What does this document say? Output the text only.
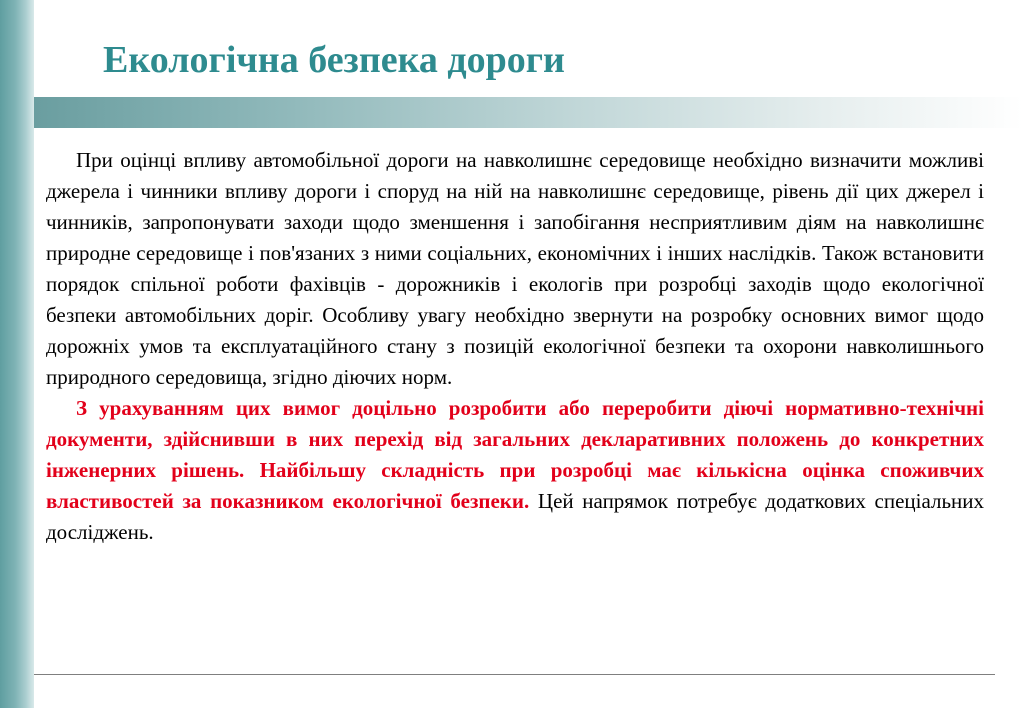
Екологічна безпека дороги

При оцінці впливу автомобільної дороги на навколишнє середовище необхідно визначити можливі джерела і чинники впливу дороги і споруд на ній на навколишнє середовище, рівень дії цих джерел і чинників, запропонувати заходи щодо зменшення і запобігання несприятливим діям на навколишнє природне середовище і пов'язаних з ними соціальних, економічних і інших наслідків. Також встановити порядок спільної роботи фахівців - дорожників і екологів при розробці заходів щодо екологічної безпеки автомобільних доріг. Особливу увагу необхідно звернути на розробку основних вимог щодо дорожніх умов та експлуатаційного стану з позицій екологічної безпеки та охорони навколишнього природного середовища, згідно діючих норм.

З урахуванням цих вимог доцільно розробити або переробити діючі нормативно-технічні документи, здійснивши в них перехід від загальних декларативних положень до конкретних інженерних рішень. Найбільшу складність при розробці має кількісна оцінка споживчих властивостей за показником екологічної безпеки. Цей напрямок потребує додаткових спеціальних досліджень.
